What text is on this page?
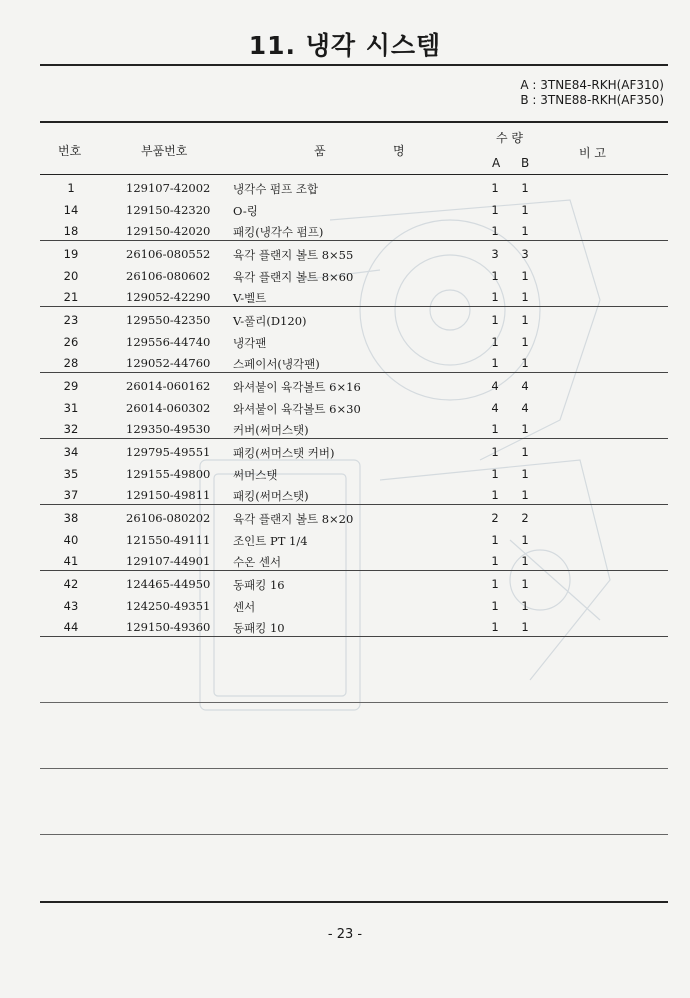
11. 냉각 시스템
A : 3TNE84-RKH(AF310)
B : 3TNE88-RKH(AF350)
번호	부품번호	품	명
수 량
A B
비 고
1	129107-42002 냉각수 펌프 조합	1 1
14	129150-42320 O-링	1 1
18	129150-42020 패킹(냉각수 펌프)	1 1
19	26106-080552 육각 플랜지 볼트 8×55	3 3
20	26106-080602 육각 플랜지 볼트 8×60	1 1
21	129052-42290 V-벨트	1 1
23	129550-42350 V-풀리(D120)	1 1
26	129556-44740 냉각팬	1 1
28	129052-44760 스페이서(냉각팬)	1 1
29	26014-060162 와셔붙이 육각볼트 6×16	4 4
31	26014-060302 와셔붙이 육각볼트 6×30	4 4
32	129350-49530 커버(써머스탯)	1 1
34	129795-49551 패킹(써머스탯 커버)	1 1
35	129155-49800 써머스탯	1 1
37	129150-49811 패킹(써머스탯)	1 1
38	26106-080202 육각 플랜지 볼트 8×20	2 2
40	121550-49111 조인트 PT 1/4	1 1
41	129107-44901 수온 센서	1 1
42	124465-44950 동패킹 16	1 1
43	124250-49351 센서	1 1
44	129150-49360 동패킹 10	1 1
- 23 -
